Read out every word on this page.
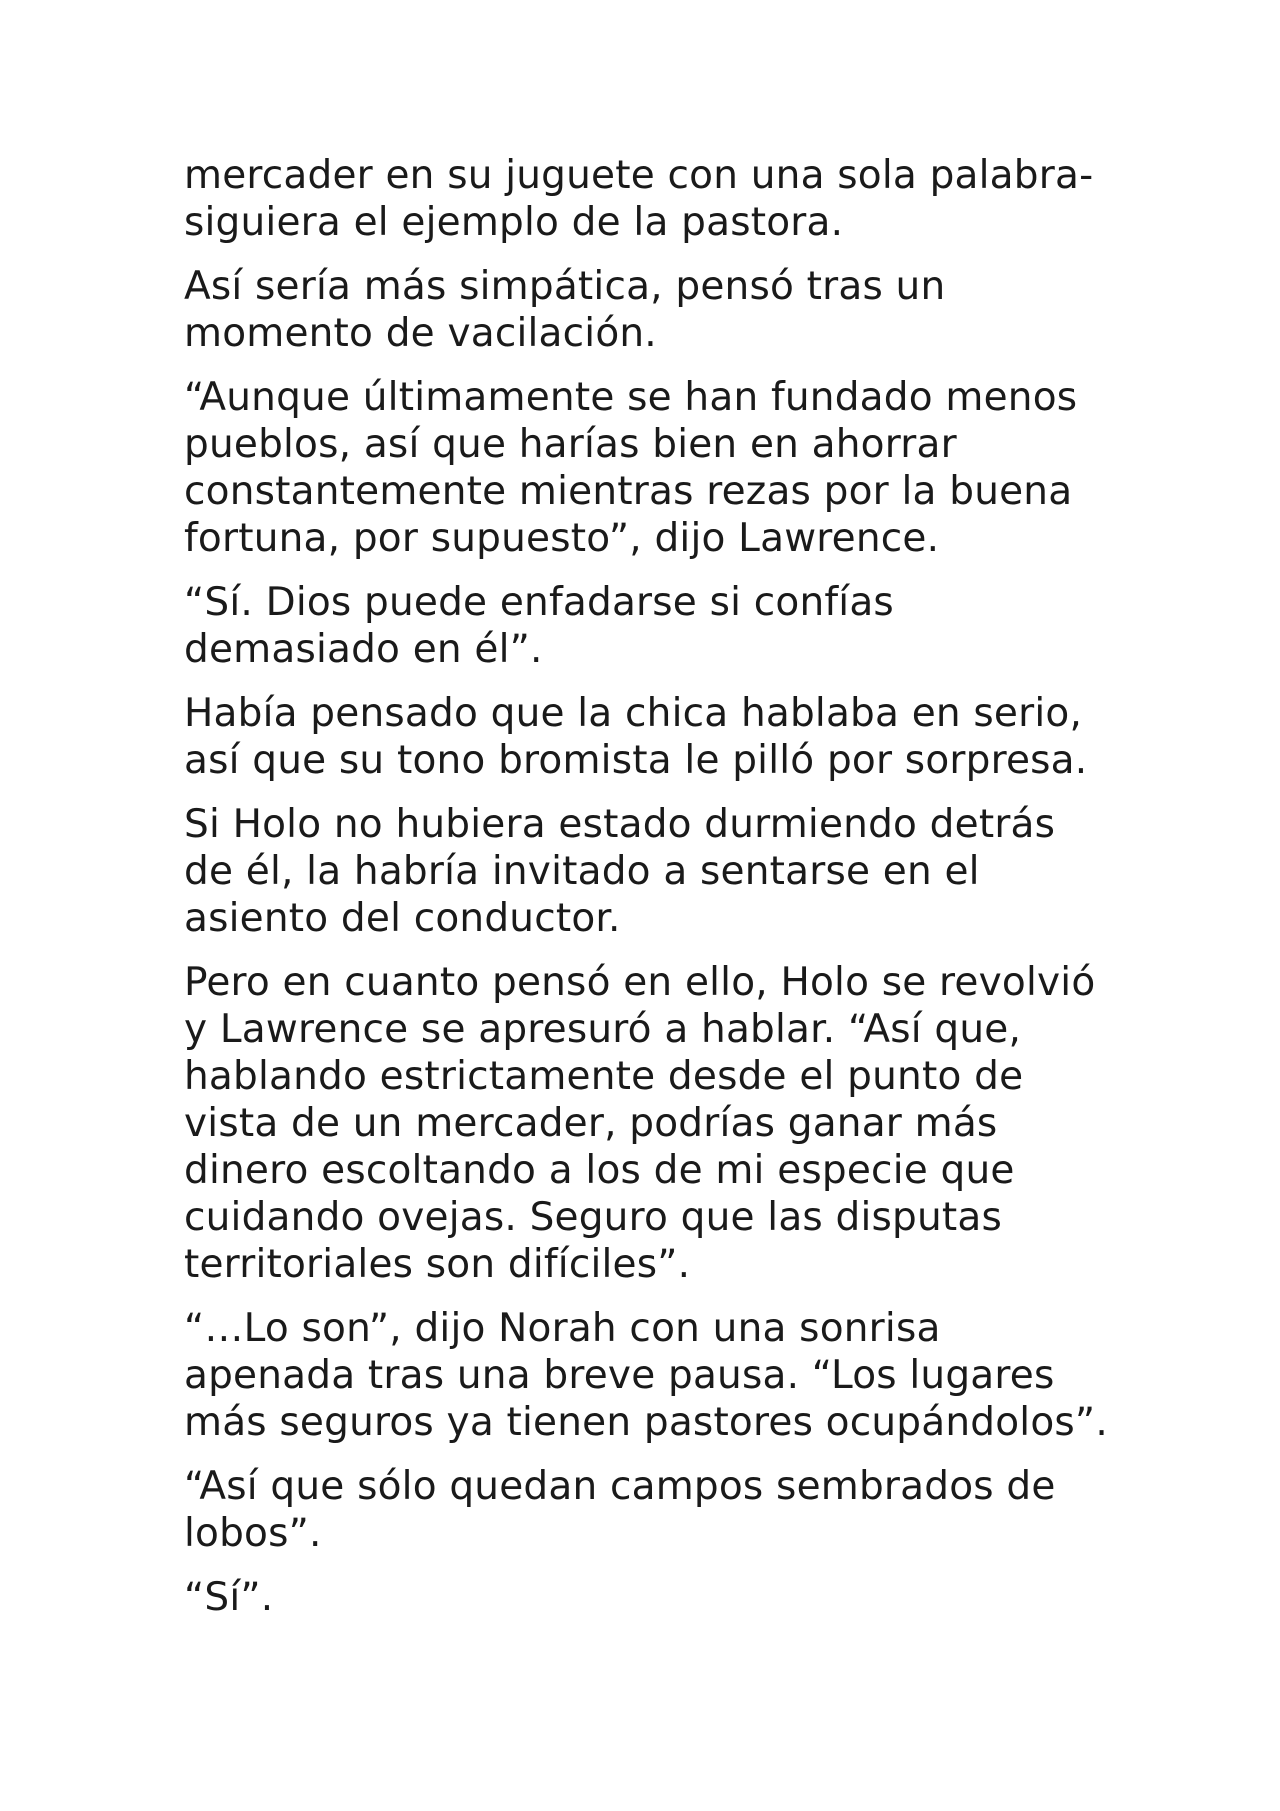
mercader en su juguete con una sola palabra-
siguiera el ejemplo de la pastora.

Así sería más simpática, pensó tras un
momento de vacilación.

“Aunque últimamente se han fundado menos
pueblos, así que harías bien en ahorrar
constantemente mientras rezas por la buena
fortuna, por supuesto”, dijo Lawrence.

“Sí. Dios puede enfadarse si confías
demasiado en él”.

Había pensado que la chica hablaba en serio,
así que su tono bromista le pilló por sorpresa.

Si Holo no hubiera estado durmiendo detrás
de él, la habría invitado a sentarse en el
asiento del conductor.

Pero en cuanto pensó en ello, Holo se revolvió
y Lawrence se apresuró a hablar. “Así que,
hablando estrictamente desde el punto de
vista de un mercader, podrías ganar más
dinero escoltando a los de mi especie que
cuidando ovejas. Seguro que las disputas
territoriales son difíciles”.

“…Lo son”, dijo Norah con una sonrisa
apenada tras una breve pausa. “Los lugares
más seguros ya tienen pastores ocupándolos”.

“Así que sólo quedan campos sembrados de
lobos”.

“Sí”.
